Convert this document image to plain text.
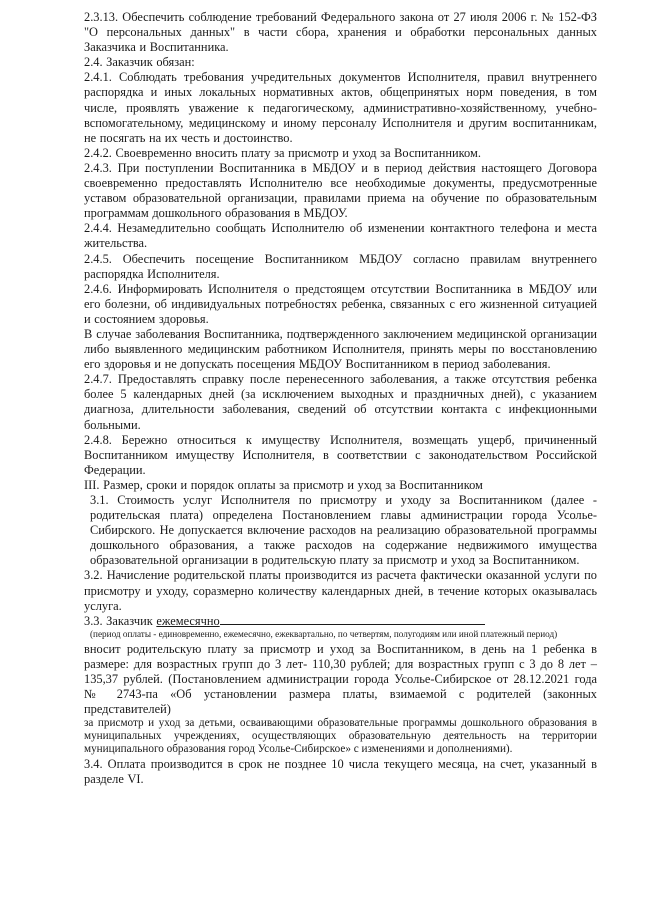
2.3.13. Обеспечить соблюдение требований Федерального закона от 27 июля 2006 г. № 152-ФЗ "О персональных данных" в части сбора, хранения и обработки персональных данных Заказчика и Воспитанника.

2.4. Заказчик обязан:

2.4.1. Соблюдать требования учредительных документов Исполнителя, правил внутреннего распорядка и иных локальных нормативных актов, общепринятых норм поведения, в том числе, проявлять уважение к педагогическому, административно-хозяйственному, учебно-вспомогательному, медицинскому и иному персоналу Исполнителя и другим воспитанникам, не посягать на их честь и достоинство.

2.4.2. Своевременно вносить плату за присмотр и уход за Воспитанником.

2.4.3. При поступлении Воспитанника в МБДОУ и в период действия настоящего Договора своевременно предоставлять Исполнителю все необходимые документы, предусмотренные уставом образовательной организации, правилами приема на обучение по образовательным программам дошкольного образования в МБДОУ.

2.4.4. Незамедлительно сообщать Исполнителю об изменении контактного телефона и места жительства.

2.4.5. Обеспечить посещение Воспитанником МБДОУ согласно правилам внутреннего распорядка Исполнителя.

2.4.6. Информировать Исполнителя о предстоящем отсутствии Воспитанника в МБДОУ или его болезни, об индивидуальных потребностях ребенка, связанных с его жизненной ситуацией и состоянием здоровья.

В случае заболевания Воспитанника, подтвержденного заключением медицинской организации либо выявленного медицинским работником Исполнителя, принять меры по восстановлению его здоровья и не допускать посещения МБДОУ Воспитанником в период заболевания.

2.4.7. Предоставлять справку после перенесенного заболевания, а также отсутствия ребенка более 5 календарных дней (за исключением выходных и праздничных дней), с указанием диагноза, длительности заболевания, сведений об отсутствии контакта с инфекционными больными.

2.4.8. Бережно относиться к имуществу Исполнителя, возмещать ущерб, причиненный Воспитанником имуществу Исполнителя, в соответствии с законодательством Российской Федерации.

III. Размер, сроки и порядок оплаты за присмотр и уход за Воспитанником

3.1. Стоимость услуг Исполнителя по присмотру и уходу за Воспитанником (далее - родительская плата) определена Постановлением главы администрации города Усолье-Сибирского. Не допускается включение расходов на реализацию образовательной программы дошкольного образования, а также расходов на содержание недвижимого имущества образовательной организации в родительскую плату за присмотр и уход за Воспитанником.

3.2. Начисление родительской платы производится из расчета фактически оказанной услуги по присмотру и уходу, соразмерно количеству календарных дней, в течение которых оказывалась услуга.

3.3. Заказчик ежемесячно

(период оплаты - единовременно, ежемесячно, ежеквартально, по четвертям, полугодиям или иной платежный период)

вносит родительскую плату за присмотр и уход за Воспитанником, в день на 1 ребенка в размере: для возрастных групп до 3 лет- 110,30 рублей; для возрастных групп с 3 до 8 лет – 135,37 рублей. (Постановлением администрации города Усолье-Сибирское от 28.12.2021 года № 2743-па «Об установлении размера платы, взимаемой с родителей (законных представителей)

за присмотр и уход за детьми, осваивающими образовательные программы дошкольного образования в муниципальных учреждениях, осуществляющих образовательную деятельность на территории муниципального образования город Усолье-Сибирское» с изменениями и дополнениями).

3.4. Оплата производится в срок не позднее 10 числа текущего месяца, на счет, указанный в разделе VI.
